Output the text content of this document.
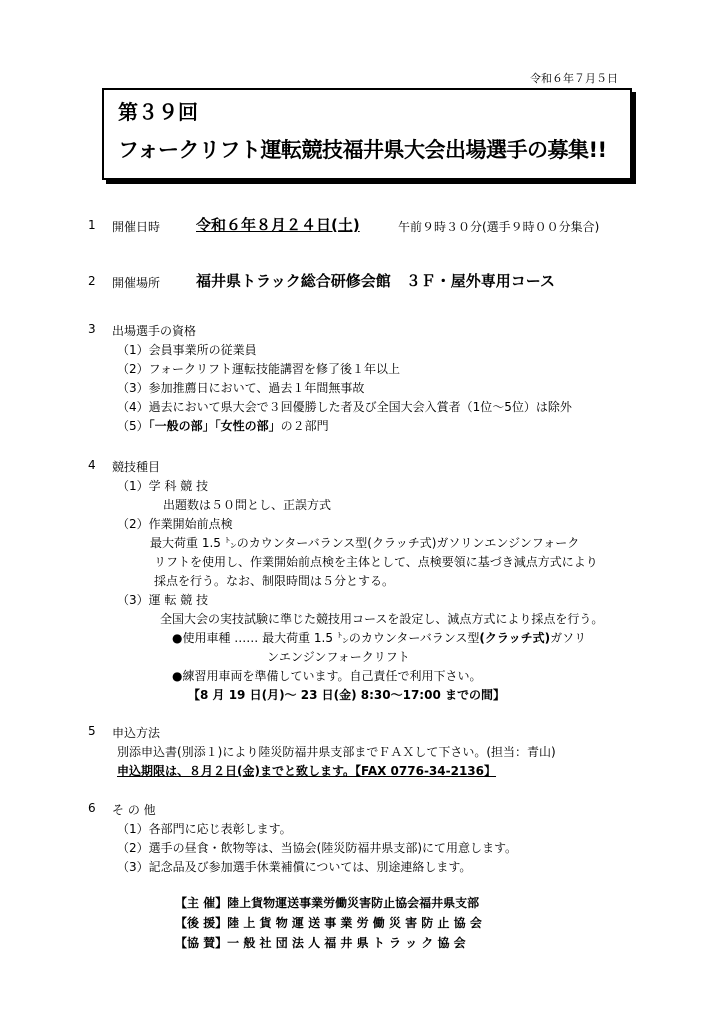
令和６年７月５日
第３９回
フォークリフト運転競技福井県大会出場選手の募集!!
1 開催日時 令和６年８月２４日(土)	午前９時３０分(選手９時００分集合)
2 開催場所 福井県トラック総合研修会館　３Ｆ・屋外専用コース
3 出場選手の資格
（1）会員事業所の従業員
（2）フォークリフト運転技能講習を修了後１年以上
（3）参加推薦日において、過去１年間無事故
（4）過去において県大会で３回優勝した者及び全国大会入賞者（1位～5位）は除外
（5）「一般の部」「女性の部」の２部門
4 競技種目
（1）学 科 競 技
出題数は５０問とし、正誤方式
（2）作業開始前点検
最大荷重 1.5 ㌧のカウンターバランス型(クラッチ式)ガソリンエンジンフォーク
リフトを使用し、作業開始前点検を主体として、点検要領に基づき減点方式により
採点を行う。なお、制限時間は５分とする。
（3）運 転 競 技
全国大会の実技試験に準じた競技用コースを設定し、減点方式により採点を行う。
●使用車種 …… 最大荷重 1.5 ㌧のカウンターバランス型(クラッチ式)ガソリ
ンエンジンフォークリフト
●練習用車両を準備しています。自己責任で利用下さい。
【8 月 19 日(月)～ 23 日(金) 8:30～17:00 までの間】
5 申込方法
別添申込書(別添１)により陸災防福井県支部までＦＡＸして下さい。(担当：青山)
申込期限は、８月２日(金)までと致します。【FAX 0776-34-2136】
6 そ の 他
（1）各部門に応じ表彰します。
（2）選手の昼食・飲物等は、当協会(陸災防福井県支部)にて用意します。
（3）記念品及び参加選手休業補償については、別途連絡します。
【主 催】陸上貨物運送事業労働災害防止協会福井県支部
【後 援】陸 上 貨 物 運 送 事 業 労 働 災 害 防 止 協 会
【協 賛】一 般 社 団 法 人 福 井 県 ト ラ ッ ク 協 会
